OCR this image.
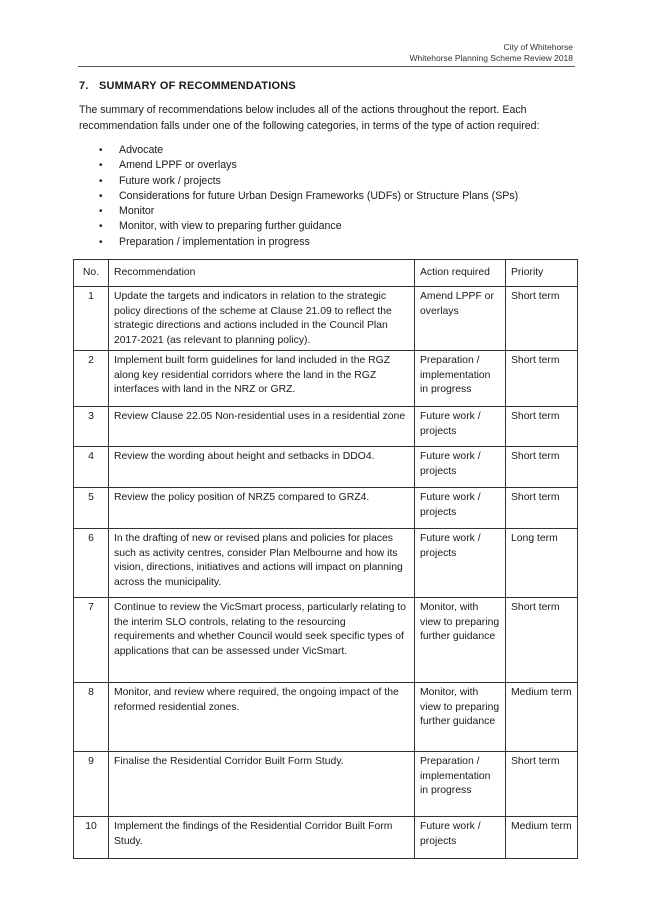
City of Whitehorse
Whitehorse Planning Scheme Review 2018
7. SUMMARY OF RECOMMENDATIONS
The summary of recommendations below includes all of the actions throughout the report. Each recommendation falls under one of the following categories, in terms of the type of action required:
• Advocate
• Amend LPPF or overlays
• Future work / projects
• Considerations for future Urban Design Frameworks (UDFs) or Structure Plans (SPs)
• Monitor
• Monitor, with view to preparing further guidance
• Preparation / implementation in progress
No.	Recommendation	Action required	Priority
1	Update the targets and indicators in relation to the strategic policy directions of the scheme at Clause 21.09 to reflect the strategic directions and actions included in the Council Plan 2017-2021 (as relevant to planning policy).	Amend LPPF or overlays	Short term
2	Implement built form guidelines for land included in the RGZ along key residential corridors where the land in the RGZ interfaces with land in the NRZ or GRZ.	Preparation / implementation in progress	Short term
3	Review Clause 22.05 Non-residential uses in a residential zone	Future work / projects	Short term
4	Review the wording about height and setbacks in DDO4.	Future work / projects	Short term
5	Review the policy position of NRZ5 compared to GRZ4.	Future work / projects	Short term
6	In the drafting of new or revised plans and policies for places such as activity centres, consider Plan Melbourne and how its vision, directions, initiatives and actions will impact on planning across the municipality.	Future work / projects	Long term
7	Continue to review the VicSmart process, particularly relating to the interim SLO controls, relating to the resourcing requirements and whether Council would seek specific types of applications that can be assessed under VicSmart.	Monitor, with view to preparing further guidance	Short term
8	Monitor, and review where required, the ongoing impact of the reformed residential zones.	Monitor, with view to preparing further guidance	Medium term
9	Finalise the Residential Corridor Built Form Study.	Preparation / implementation in progress	Short term
10	Implement the findings of the Residential Corridor Built Form Study.	Future work / projects	Medium term
